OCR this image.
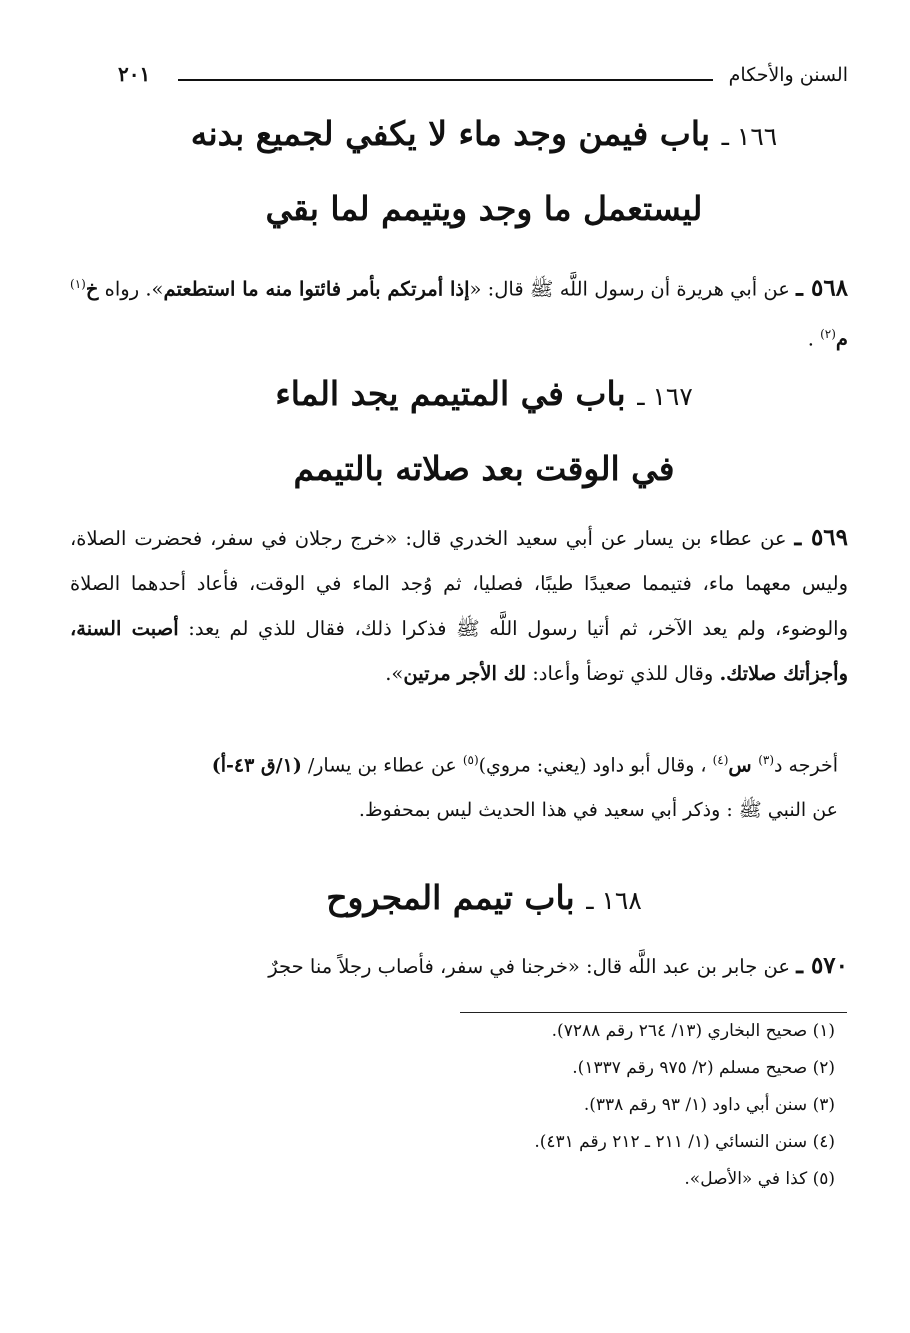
السنن والأحكام
٢٠١
١٦٦ ـ باب فيمن وجد ماء لا يكفي لجميع بدنه
ليستعمل ما وجد ويتيمم لما بقي

٥٦٨ ـ عن أبي هريرة أن رسول اللَّه ﷺ قال: «إذا أمرتكم بأمر فائتوا منه ما استطعتم». رواه خ$^{(١)}$ م$^{(٢)}$ .

١٦٧ ـ باب في المتيمم يجد الماء
في الوقت بعد صلاته بالتيمم

٥٦٩ ـ عن عطاء بن يسار عن أبي سعيد الخدري قال: «خرج رجلان في سفر، فحضرت الصلاة، وليس معهما ماء، فتيمما صعيدًا طيبًا، فصليا، ثم وُجد الماء في الوقت، فأعاد أحدهما الصلاة والوضوء، ولم يعد الآخر، ثم أتيا رسول اللَّه ﷺ فذكرا ذلك، فقال للذي لم يعد: أصبت السنة، وأجزأتك صلاتك. وقال للذي توضأ وأعاد: لك الأجر مرتين».

أخرجه د$^{(٣)}$ س$^{(٤)}$ ، وقال أبو داود (يعني: مروي)$^{(٥)}$ عن عطاء بن يسار/ (١/ق ٤٣-أ)

عن النبي ﷺ : وذكر أبي سعيد في هذا الحديث ليس بمحفوظ.

١٦٨ ـ باب تيمم المجروح

٥٧٠ ـ عن جابر بن عبد اللَّه قال: «خرجنا في سفر، فأصاب رجلاً منا حجرٌ

(١) صحيح البخاري (١٣/ ٢٦٤ رقم ٧٢٨٨).

(٢) صحيح مسلم (٢/ ٩٧٥ رقم ١٣٣٧).

(٣) سنن أبي داود (١/ ٩٣ رقم ٣٣٨).

(٤) سنن النسائي (١/ ٢١١ ـ ٢١٢ رقم ٤٣١).

(٥) كذا في «الأصل».
